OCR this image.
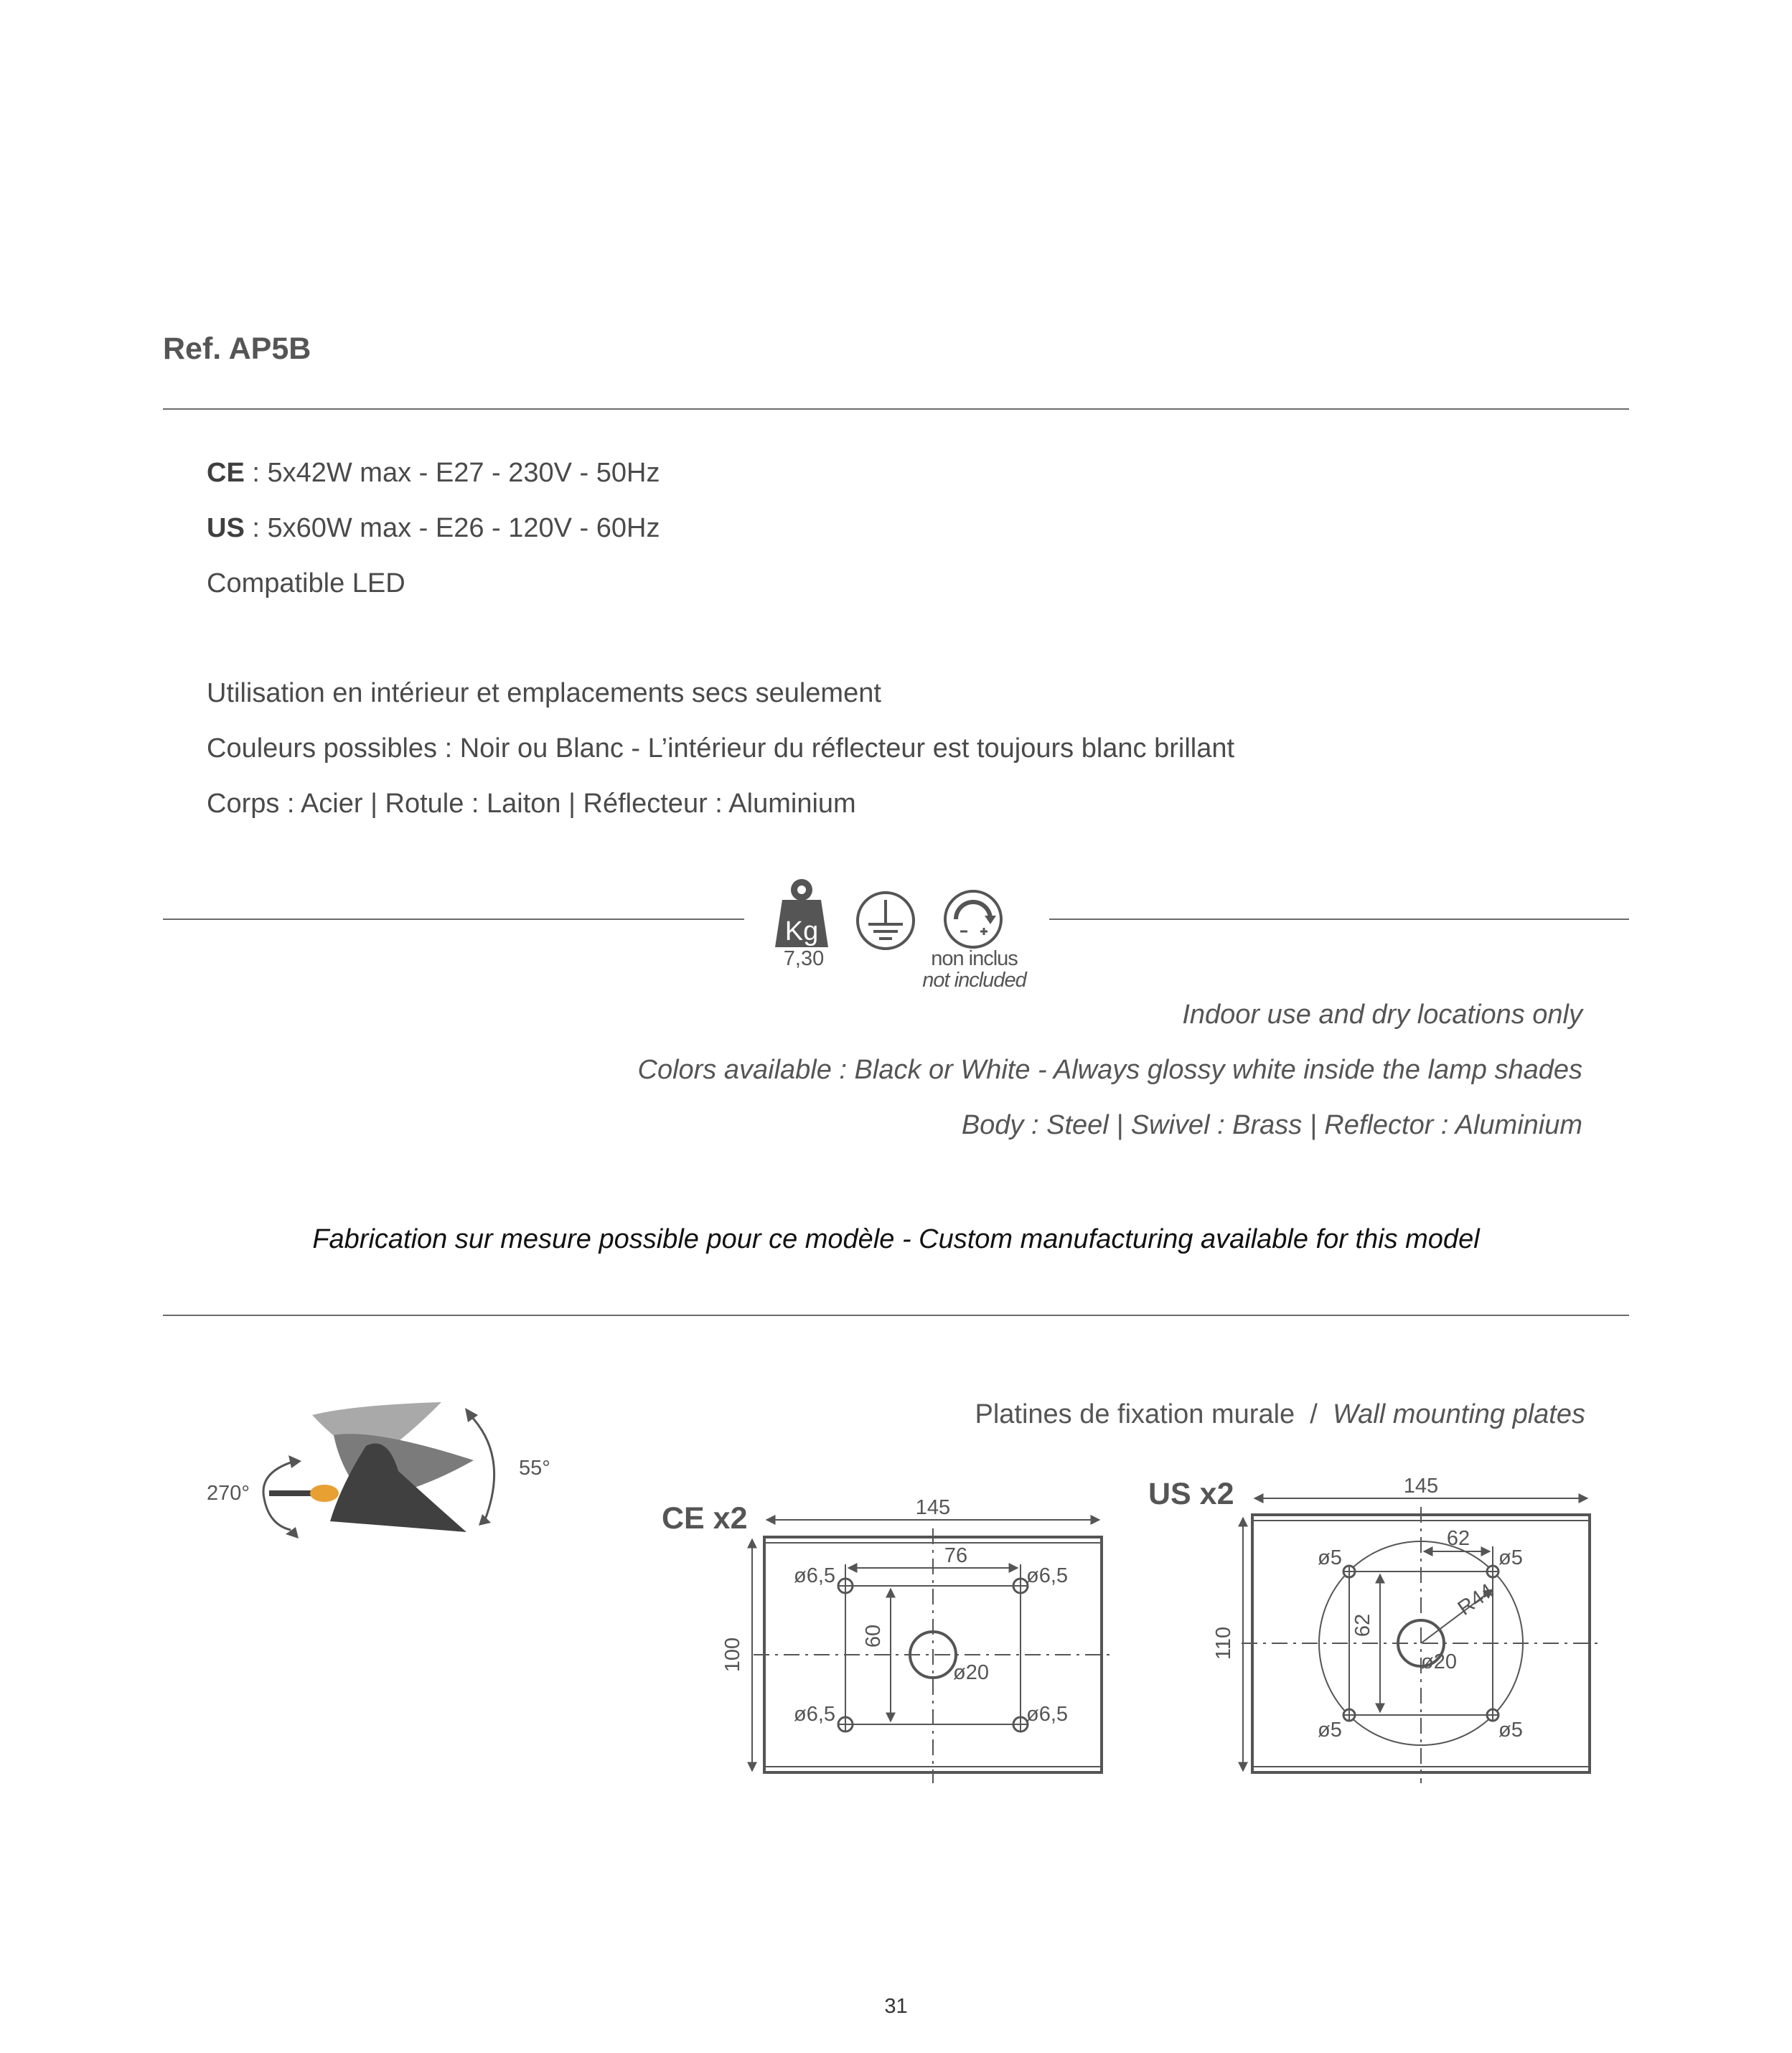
Ref. AP5B
CE : 5x42W max - E27 - 230V - 50Hz
US : 5x60W max - E26 - 120V - 60Hz
Compatible LED
Utilisation en intérieur et emplacements secs seulement
Couleurs possibles : Noir ou Blanc - L’intérieur du réflecteur est toujours blanc brillant
Corps : Acier | Rotule : Laiton | Réflecteur : Aluminium
Kg
7,30	non inclus
not included
Indoor use and dry locations only
Colors available : Black or White - Always glossy white inside the lamp shades
Body : Steel | Swivel : Brass | Reflector : Aluminium
Fabrication sur mesure possible pour ce modèle - Custom manufacturing available for this model
270°
55°
Platines de fixation murale  /  Wall mounting plates
CE x2	145
100
76
60
ø6,5	ø6,5
ø6,5	ø6,5
ø20
US x2	145
110
R44
62
62
ø5	ø5
ø5	ø5
ø20
31
